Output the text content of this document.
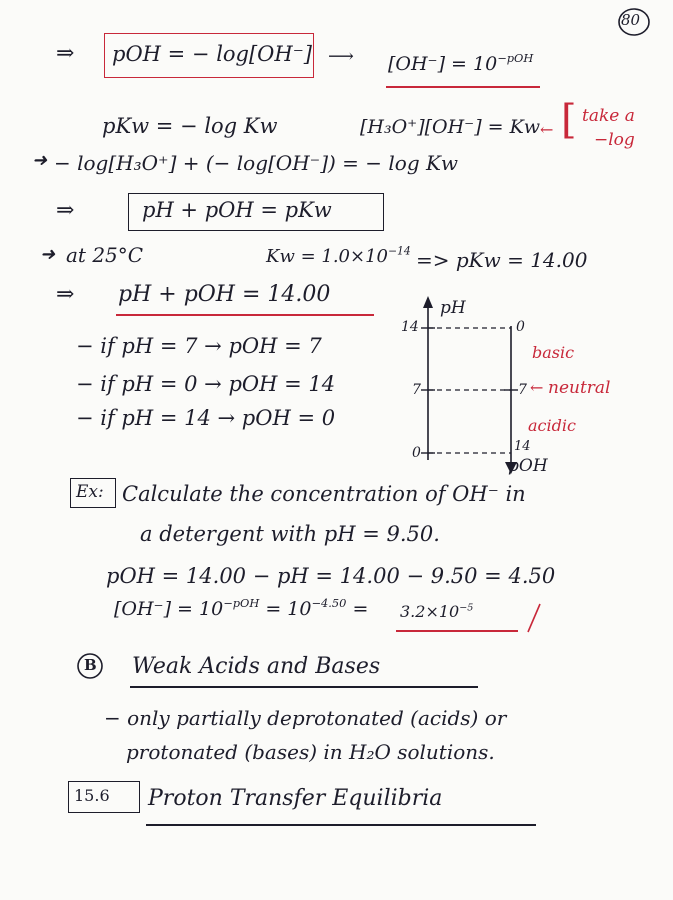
80
⇒ pOH = − log[OH⁻] ⟶ $[OH^-] = 10^{-pOH}$
pKw = − log Kw	[H₃O⁺][OH⁻] = Kw ← [ take a
−log
➜ − log[H₃O⁺] + (− log[OH⁻]) = − log Kw
⇒	pH + pOH = pKw
➜ at 25°C	$Kw = 1.0\times 10^{-14}$ => pKw = 14.00
⇒ pH + pOH = 14.00
− if pH = 7 → pOH = 7
− if pH = 0 → pOH = 14
− if pH = 14 → pOH = 0
pH
14
7
0
0
7
14
pOH
basic
← neutral
acidic
Ex: Calculate the concentration of OH⁻ in
a detergent with pH = 9.50.
pOH = 14.00 − pH = 14.00 − 9.50 = 4.50
$[OH^-] = 10^{-pOH} = 10^{-4.50} = 3.2\times 10^{-5}$
B Weak Acids and Bases
− only partially deprotonated (acids) or
protonated (bases) in H₂O solutions.
15.6 Proton Transfer Equilibria
